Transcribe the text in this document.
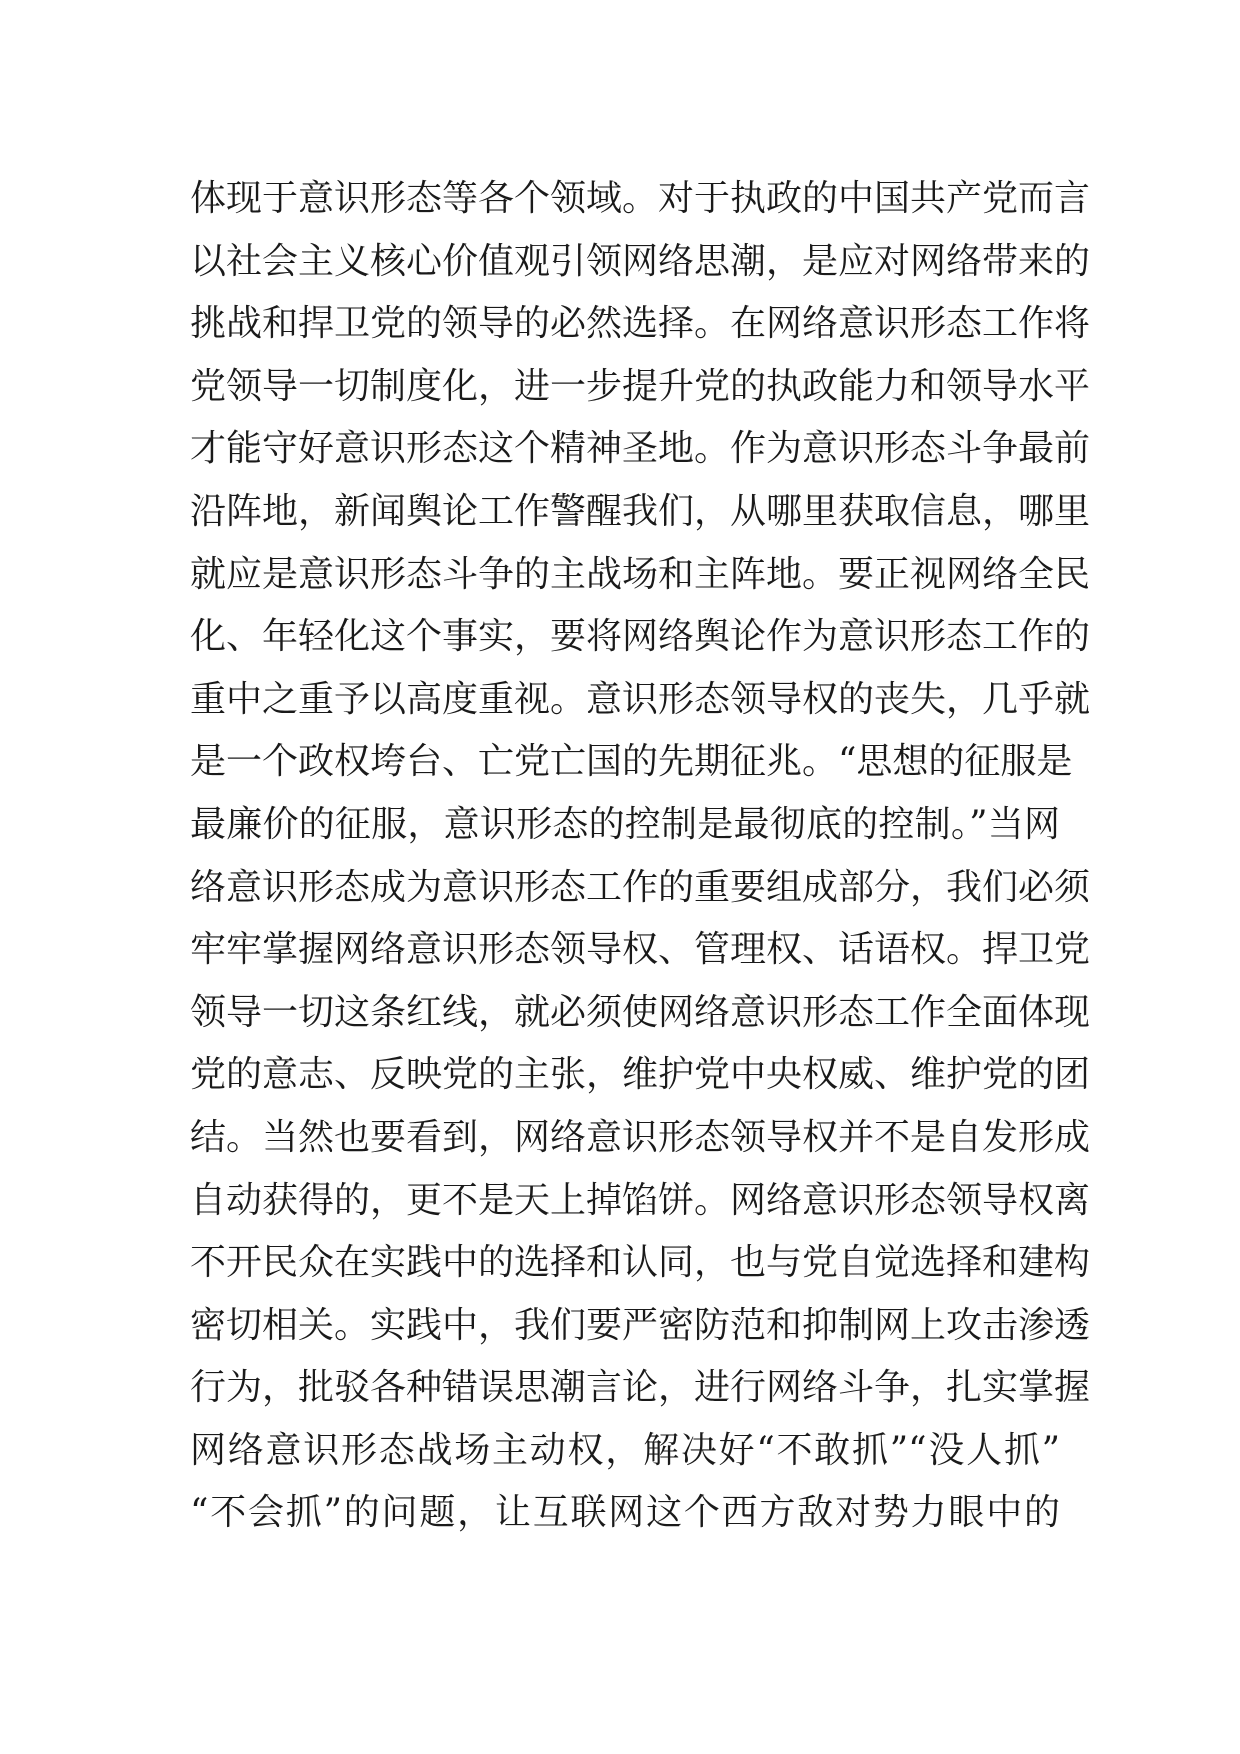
体现于意识形态等各个领域。对于执政的中国共产党而言
以社会主义核心价值观引领网络思潮，是应对网络带来的
挑战和捍卫党的领导的必然选择。在网络意识形态工作将
党领导一切制度化，进一步提升党的执政能力和领导水平
才能守好意识形态这个精神圣地。作为意识形态斗争最前
沿阵地，新闻舆论工作警醒我们，从哪里获取信息，哪里
就应是意识形态斗争的主战场和主阵地。要正视网络全民
化、年轻化这个事实，要将网络舆论作为意识形态工作的
重中之重予以高度重视。意识形态领导权的丧失，几乎就
是一个政权垮台、亡党亡国的先期征兆。“思想的征服是
最廉价的征服，意识形态的控制是最彻底的控制。”当网
络意识形态成为意识形态工作的重要组成部分，我们必须
牢牢掌握网络意识形态领导权、管理权、话语权。捍卫党
领导一切这条红线，就必须使网络意识形态工作全面体现
党的意志、反映党的主张，维护党中央权威、维护党的团
结。当然也要看到，网络意识形态领导权并不是自发形成
自动获得的，更不是天上掉馅饼。网络意识形态领导权离
不开民众在实践中的选择和认同，也与党自觉选择和建构
密切相关。实践中，我们要严密防范和抑制网上攻击渗透
行为，批驳各种错误思潮言论，进行网络斗争，扎实掌握
网络意识形态战场主动权，解决好“不敢抓”“没人抓”
“不会抓”的问题，让互联网这个西方敌对势力眼中的
